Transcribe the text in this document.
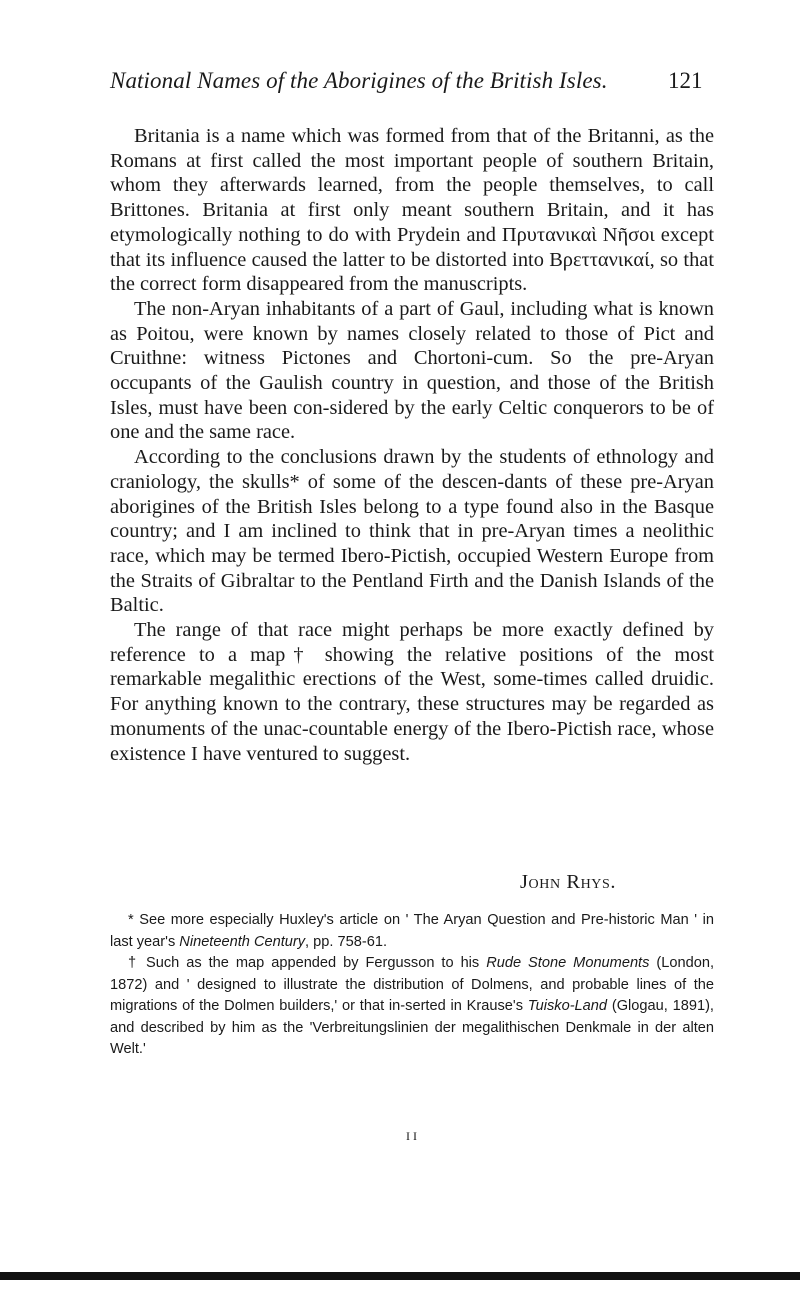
National Names of the Aborigines of the British Isles.	121

Britania is a name which was formed from that of the Britanni, as the Romans at first called the most important people of southern Britain, whom they afterwards learned, from the people themselves, to call Brittones. Britania at first only meant southern Britain, and it has etymologically nothing to do with Prydein and Πρυτανικαὶ Νῆσοι except that its influence caused the latter to be distorted into Βρεττανικαί, so that the correct form disappeared from the manuscripts.

The non-Aryan inhabitants of a part of Gaul, including what is known as Poitou, were known by names closely related to those of Pict and Cruithne: witness Pictones and Chortoni-cum. So the pre-Aryan occupants of the Gaulish country in question, and those of the British Isles, must have been con-sidered by the early Celtic conquerors to be of one and the same race.

According to the conclusions drawn by the students of ethnology and craniology, the skulls* of some of the descen-dants of these pre-Aryan aborigines of the British Isles belong to a type found also in the Basque country; and I am inclined to think that in pre-Aryan times a neolithic race, which may be termed Ibero-Pictish, occupied Western Europe from the Straits of Gibraltar to the Pentland Firth and the Danish Islands of the Baltic.

The range of that race might perhaps be more exactly defined by reference to a map† showing the relative positions of the most remarkable megalithic erections of the West, some-times called druidic. For anything known to the contrary, these structures may be regarded as monuments of the unac-countable energy of the Ibero-Pictish race, whose existence I have ventured to suggest.

John Rhys.

* See more especially Huxley's article on ' The Aryan Question and Pre-historic Man ' in last year's Nineteenth Century, pp. 758-61.

† Such as the map appended by Fergusson to his Rude Stone Monuments (London, 1872) and ' designed to illustrate the distribution of Dolmens, and probable lines of the migrations of the Dolmen builders,' or that in-serted in Krause's Tuisko-Land (Glogau, 1891), and described by him as the 'Verbreitungslinien der megalithischen Denkmale in der alten Welt.'

I I
